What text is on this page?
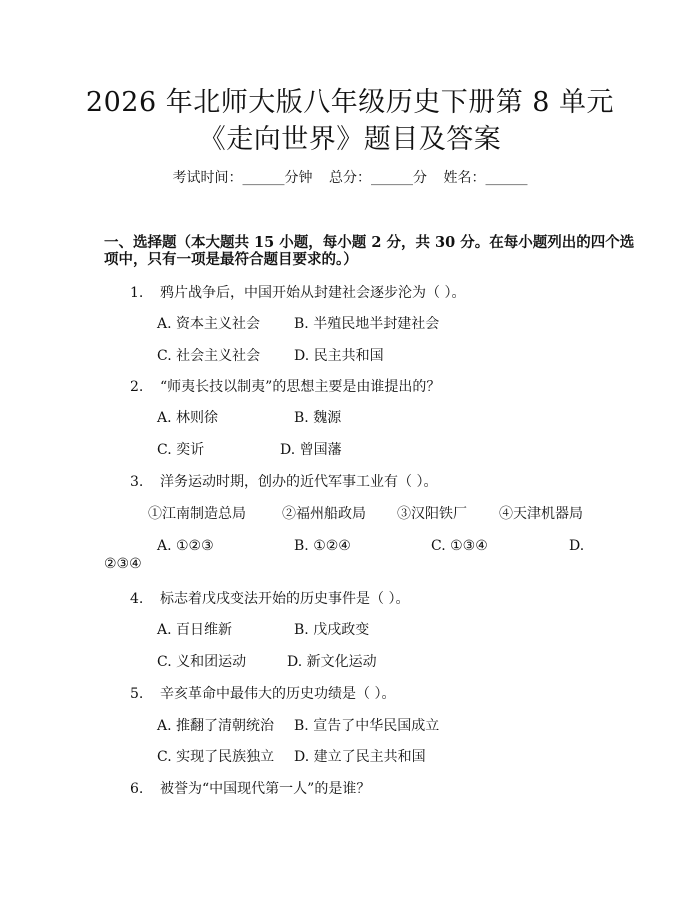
2026 年北师大版八年级历史下册第 8 单元
《走向世界》题目及答案
考试时间：______分钟 总分：______分 姓名：______
一、选择题（本大题共 15 小题，每小题 2 分，共 30 分。在每小题列出的四个选
项中，只有一项是最符合题目要求的。）
1. 鸦片战争后，中国开始从封建社会逐步沦为（ ）。
A. 资本主义社会 B. 半殖民地半封建社会
C. 社会主义社会 D. 民主共和国
2. “师夷长技以制夷”的思想主要是由谁提出的？
A. 林则徐	B. 魏源
C. 奕䜣	D. 曾国藩
3. 洋务运动时期，创办的近代军事工业有（ ）。
①江南制造总局	②福州船政局 ③汉阳铁厂 ④天津机器局
A. ①②③	B. ①②④	C. ①③④	D.
②③④
4. 标志着戊戌变法开始的历史事件是（ ）。
A. 百日维新	B. 戊戌政变
C. 义和团运动	D. 新文化运动
5. 辛亥革命中最伟大的历史功绩是（ ）。
A. 推翻了清朝统治 B. 宣告了中华民国成立
C. 实现了民族独立 D. 建立了民主共和国
6. 被誉为“中国现代第一人”的是谁？
